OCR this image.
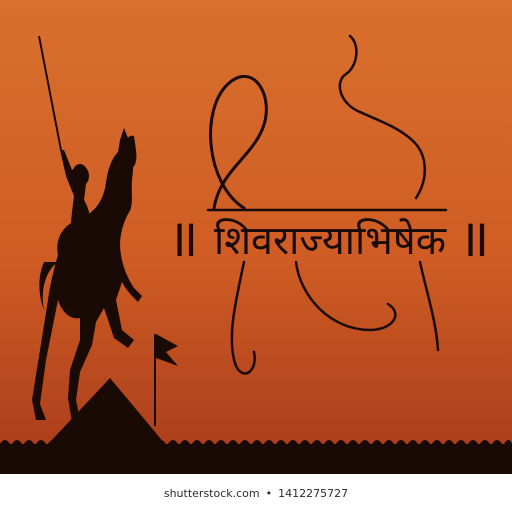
॥ शिवराज्याभिषेक ॥
shutterstock.com • 1412275727
